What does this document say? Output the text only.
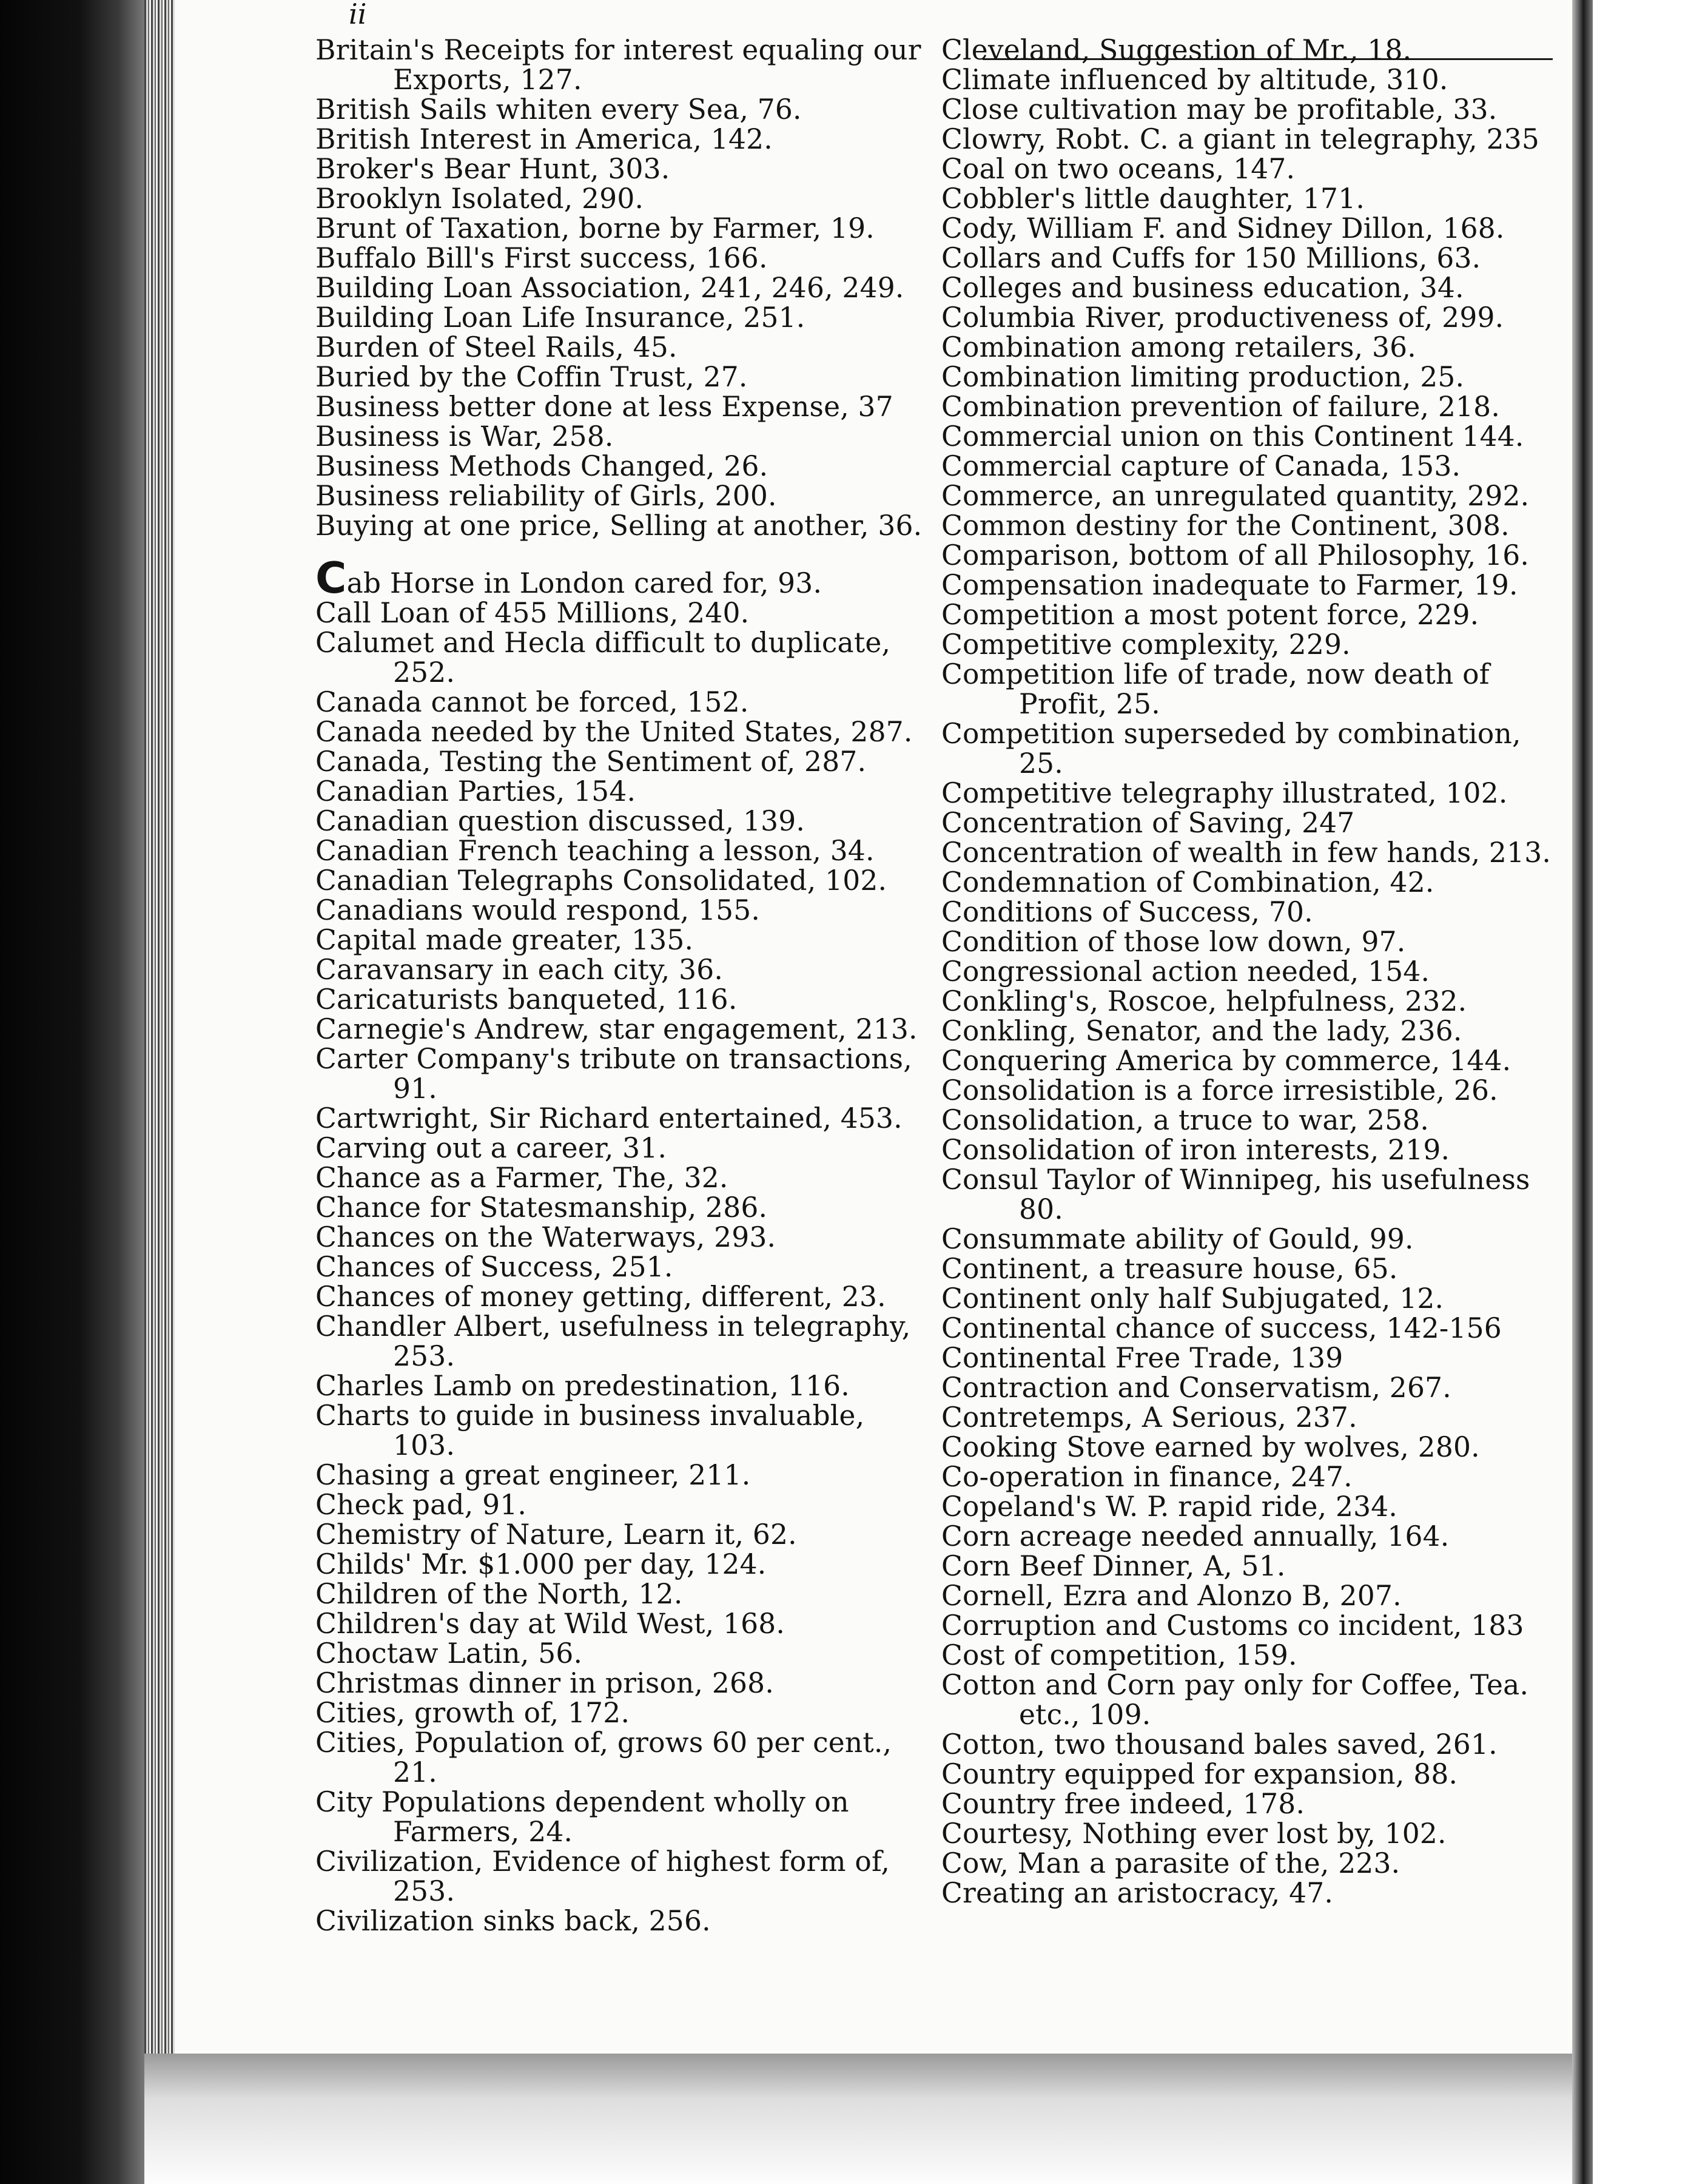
ii
Britain's Receipts for interest equaling our Exports, 127.
British Sails whiten every Sea, 76.
British Interest in America, 142.
Broker's Bear Hunt, 303.
Brooklyn Isolated, 290.
Brunt of Taxation, borne by Farmer, 19.
Buffalo Bill's First success, 166.
Building Loan Association, 241, 246, 249.
Building Loan Life Insurance, 251.
Burden of Steel Rails, 45.
Buried by the Coffin Trust, 27.
Business better done at less Expense, 37
Business is War, 258.
Business Methods Changed, 26.
Business reliability of Girls, 200.
Buying at one price, Selling at another, 36.
Cab Horse in London cared for, 93.
Call Loan of 455 Millions, 240.
Calumet and Hecla difficult to duplicate, 252.
Canada cannot be forced, 152.
Canada needed by the United States, 287.
Canada, Testing the Sentiment of, 287.
Canadian Parties, 154.
Canadian question discussed, 139.
Canadian French teaching a lesson, 34.
Canadian Telegraphs Consolidated, 102.
Canadians would respond, 155.
Capital made greater, 135.
Caravansary in each city, 36.
Caricaturists banqueted, 116.
Carnegie's Andrew, star engagement, 213.
Carter Company's tribute on transactions, 91.
Cartwright, Sir Richard entertained, 453.
Carving out a career, 31.
Chance as a Farmer, The, 32.
Chance for Statesmanship, 286.
Chances on the Waterways, 293.
Chances of Success, 251.
Chances of money getting, different, 23.
Chandler Albert, usefulness in telegraphy, 253.
Charles Lamb on predestination, 116.
Charts to guide in business invaluable, 103.
Chasing a great engineer, 211.
Check pad, 91.
Chemistry of Nature, Learn it, 62.
Childs' Mr. $1.000 per day, 124.
Children of the North, 12.
Children's day at Wild West, 168.
Choctaw Latin, 56.
Christmas dinner in prison, 268.
Cities, growth of, 172.
Cities, Population of, grows 60 per cent., 21.
City Populations dependent wholly on Farmers, 24.
Civilization, Evidence of highest form of, 253.
Civilization sinks back, 256.
Cleveland, Suggestion of Mr., 18.
Climate influenced by altitude, 310.
Close cultivation may be profitable, 33.
Clowry, Robt. C. a giant in telegraphy, 235
Coal on two oceans, 147.
Cobbler's little daughter, 171.
Cody, William F. and Sidney Dillon, 168.
Collars and Cuffs for 150 Millions, 63.
Colleges and business education, 34.
Columbia River, productiveness of, 299.
Combination among retailers, 36.
Combination limiting production, 25.
Combination prevention of failure, 218.
Commercial union on this Continent 144.
Commercial capture of Canada, 153.
Commerce, an unregulated quantity, 292.
Common destiny for the Continent, 308.
Comparison, bottom of all Philosophy, 16.
Compensation inadequate to Farmer, 19.
Competition a most potent force, 229.
Competitive complexity, 229.
Competition life of trade, now death of Profit, 25.
Competition superseded by combination, 25.
Competitive telegraphy illustrated, 102.
Concentration of Saving, 247
Concentration of wealth in few hands, 213.
Condemnation of Combination, 42.
Conditions of Success, 70.
Condition of those low down, 97.
Congressional action needed, 154.
Conkling's, Roscoe, helpfulness, 232.
Conkling, Senator, and the lady, 236.
Conquering America by commerce, 144.
Consolidation is a force irresistible, 26.
Consolidation, a truce to war, 258.
Consolidation of iron interests, 219.
Consul Taylor of Winnipeg, his usefulness 80.
Consummate ability of Gould, 99.
Continent, a treasure house, 65.
Continent only half Subjugated, 12.
Continental chance of success, 142-156
Continental Free Trade, 139
Contraction and Conservatism, 267.
Contretemps, A Serious, 237.
Cooking Stove earned by wolves, 280.
Co-operation in finance, 247.
Copeland's W. P. rapid ride, 234.
Corn acreage needed annually, 164.
Corn Beef Dinner, A, 51.
Cornell, Ezra and Alonzo B, 207.
Corruption and Customs co incident, 183
Cost of competition, 159.
Cotton and Corn pay only for Coffee, Tea. etc., 109.
Cotton, two thousand bales saved, 261.
Country equipped for expansion, 88.
Country free indeed, 178.
Courtesy, Nothing ever lost by, 102.
Cow, Man a parasite of the, 223.
Creating an aristocracy, 47.
